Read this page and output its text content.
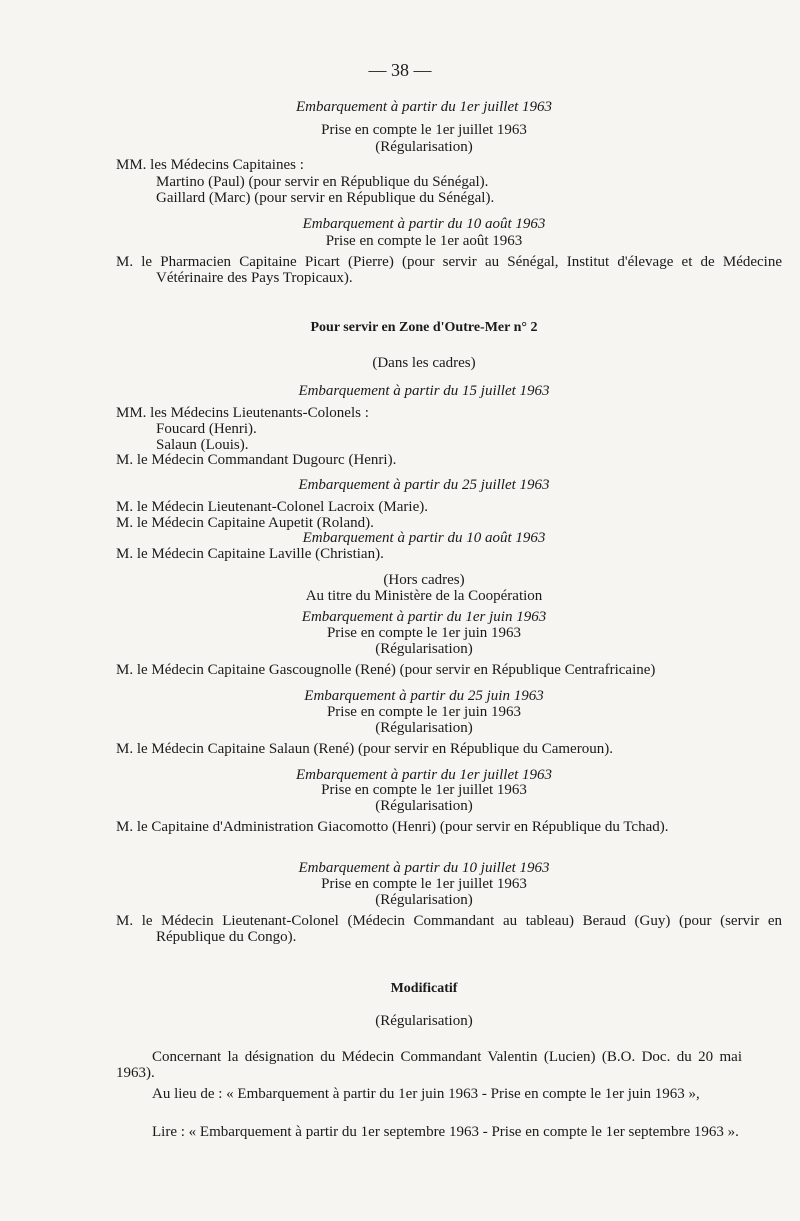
— 38 —
Embarquement à partir du 1er juillet 1963
Prise en compte le 1er juillet 1963
(Régularisation)
MM. les Médecins Capitaines :
Martino (Paul) (pour servir en République du Sénégal).
Gaillard (Marc) (pour servir en République du Sénégal).
Embarquement à partir du 10 août 1963
Prise en compte le 1er août 1963
M. le Pharmacien Capitaine Picart (Pierre) (pour servir au Sénégal, Institut d'élevage et de Médecine Vétérinaire des Pays Tropicaux).
Pour servir en Zone d'Outre-Mer n° 2
(Dans les cadres)
Embarquement à partir du 15 juillet 1963
MM. les Médecins Lieutenants-Colonels :
Foucard (Henri).
Salaun (Louis).
M. le Médecin Commandant Dugourc (Henri).
Embarquement à partir du 25 juillet 1963
M. le Médecin Lieutenant-Colonel Lacroix (Marie).
M. le Médecin Capitaine Aupetit (Roland).
Embarquement à partir du 10 août 1963
M. le Médecin Capitaine Laville (Christian).
(Hors cadres)
Au titre du Ministère de la Coopération
Embarquement à partir du 1er juin 1963
Prise en compte le 1er juin 1963
(Régularisation)
M. le Médecin Capitaine Gascougnolle (René) (pour servir en République Centrafricaine)
Embarquement à partir du 25 juin 1963
Prise en compte le 1er juin 1963
(Régularisation)
M. le Médecin Capitaine Salaun (René) (pour servir en République du Cameroun).
Embarquement à partir du 1er juillet 1963
Prise en compte le 1er juillet 1963
(Régularisation)
M. le Capitaine d'Administration Giacomotto (Henri) (pour servir en République du Tchad).
Embarquement à partir du 10 juillet 1963
Prise en compte le 1er juillet 1963
(Régularisation)
M. le Médecin Lieutenant-Colonel (Médecin Commandant au tableau) Beraud (Guy) (pour (servir en République du Congo).
Modificatif
(Régularisation)
Concernant la désignation du Médecin Commandant Valentin (Lucien) (B.O. Doc. du 20 mai 1963).
Au lieu de : « Embarquement à partir du 1er juin 1963 - Prise en compte le 1er juin 1963 »,
Lire : « Embarquement à partir du 1er septembre 1963 - Prise en compte le 1er septembre 1963 ».
